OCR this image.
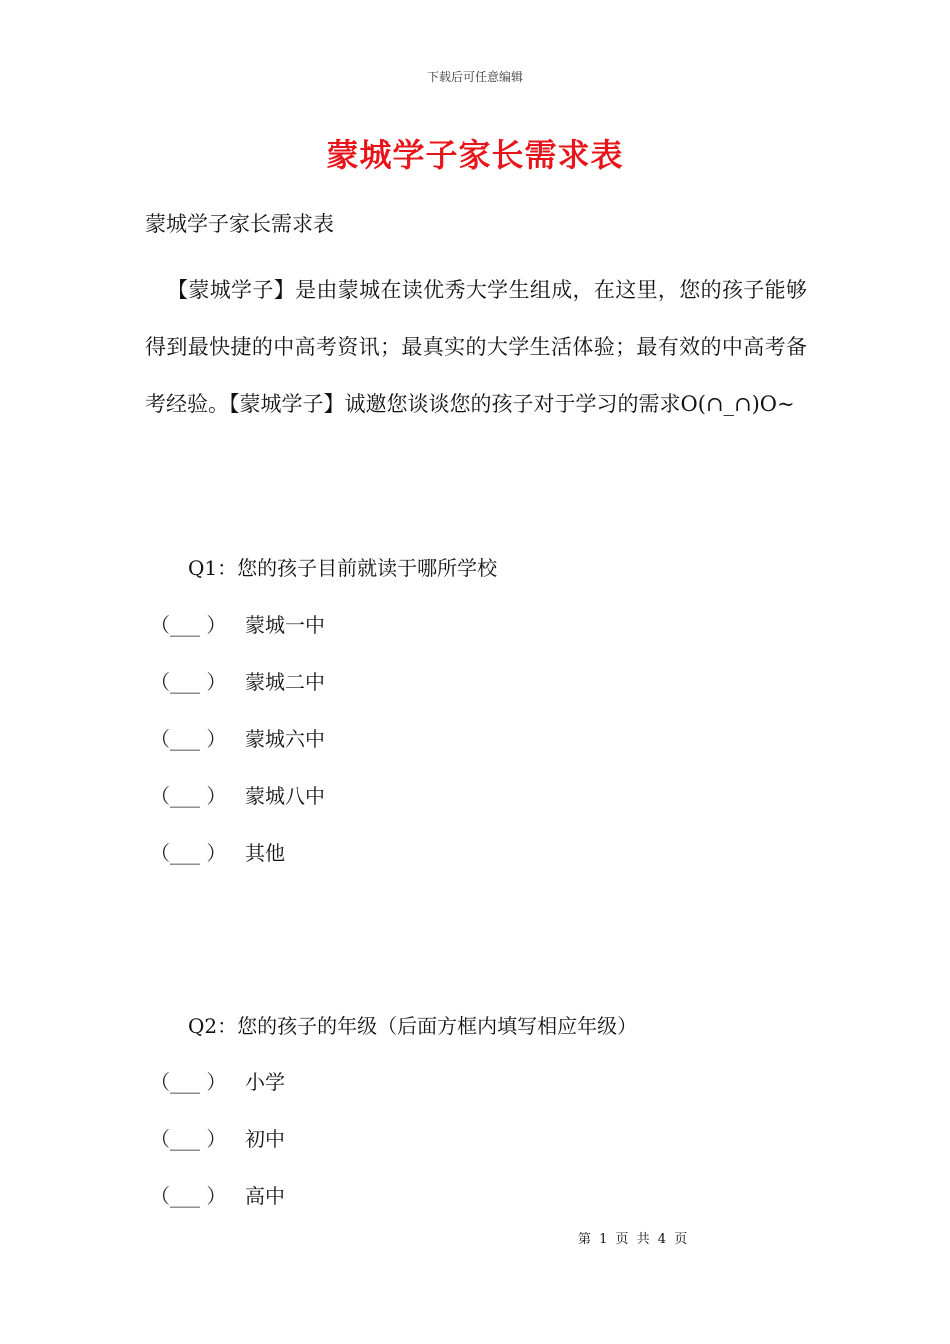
下载后可任意编辑
蒙城学子家长需求表
蒙城学子家长需求表

【蒙城学子】是由蒙城在读优秀大学生组成，在这里，您的孩子能够得到最快捷的中高考资讯；最真实的大学生活体验；最有效的中高考备考经验。【蒙城学子】诚邀您谈谈您的孩子对于学习的需求O(∩_∩)O~

Q1：您的孩子目前就读于哪所学校
（___ ） 蒙城一中
（___ ） 蒙城二中
（___ ） 蒙城六中
（___ ） 蒙城八中
（___ ） 其他
Q2：您的孩子的年级（后面方框内填写相应年级）
（___ ） 小学
（___ ） 初中
（___ ） 高中
第 1 页 共 4 页
